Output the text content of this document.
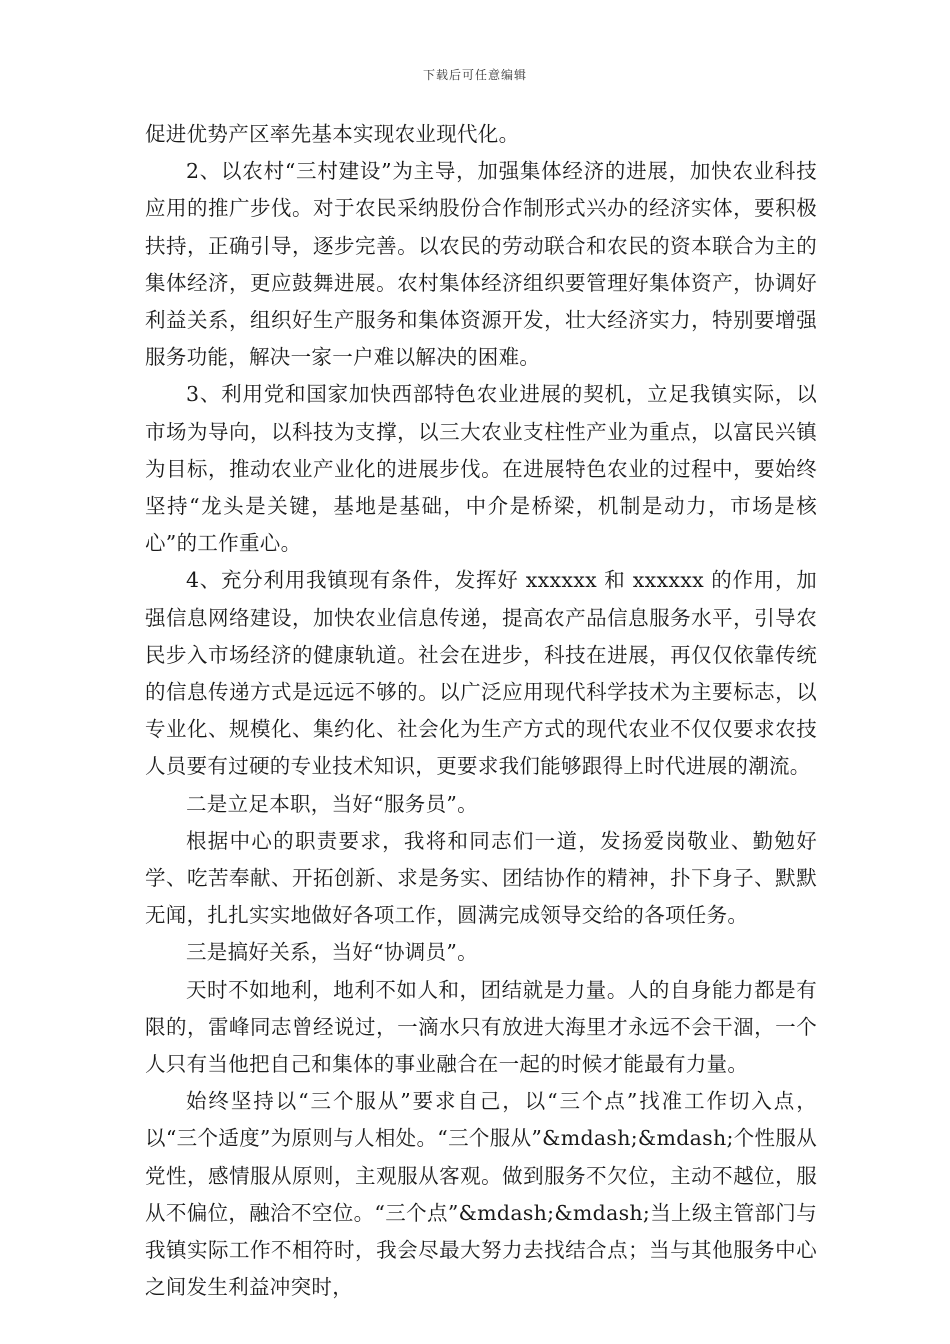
下载后可任意编辑

促进优势产区率先基本实现农业现代化。

2、以农村“三村建设”为主导，加强集体经济的进展，加快农业科技应用的推广步伐。对于农民采纳股份合作制形式兴办的经济实体，要积极扶持，正确引导，逐步完善。以农民的劳动联合和农民的资本联合为主的集体经济，更应鼓舞进展。农村集体经济组织要管理好集体资产，协调好利益关系，组织好生产服务和集体资源开发，壮大经济实力，特别要增强服务功能，解决一家一户难以解决的困难。

3、利用党和国家加快西部特色农业进展的契机，立足我镇实际，以市场为导向，以科技为支撑，以三大农业支柱性产业为重点，以富民兴镇为目标，推动农业产业化的进展步伐。在进展特色农业的过程中，要始终坚持“龙头是关键，基地是基础，中介是桥梁，机制是动力，市场是核心”的工作重心。

4、充分利用我镇现有条件，发挥好 xxxxxx 和 xxxxxx 的作用，加强信息网络建设，加快农业信息传递，提高农产品信息服务水平，引导农民步入市场经济的健康轨道。社会在进步，科技在进展，再仅仅依靠传统的信息传递方式是远远不够的。以广泛应用现代科学技术为主要标志，以专业化、规模化、集约化、社会化为生产方式的现代农业不仅仅要求农技人员要有过硬的专业技术知识，更要求我们能够跟得上时代进展的潮流。

二是立足本职，当好“服务员”。

根据中心的职责要求，我将和同志们一道，发扬爱岗敬业、勤勉好学、吃苦奉献、开拓创新、求是务实、团结协作的精神，扑下身子、默默无闻，扎扎实实地做好各项工作，圆满完成领导交给的各项任务。

三是搞好关系，当好“协调员”。

天时不如地利，地利不如人和，团结就是力量。人的自身能力都是有限的，雷峰同志曾经说过，一滴水只有放进大海里才永远不会干涸，一个人只有当他把自己和集体的事业融合在一起的时候才能最有力量。

始终坚持以“三个服从”要求自己，以“三个点”找准工作切入点，以“三个适度”为原则与人相处。“三个服从”&mdash;&mdash;个性服从党性，感情服从原则，主观服从客观。做到服务不欠位，主动不越位，服从不偏位，融洽不空位。“三个点”&mdash;&mdash;当上级主管部门与我镇实际工作不相符时，我会尽最大努力去找结合点；当与其他服务中心之间发生利益冲突时，
